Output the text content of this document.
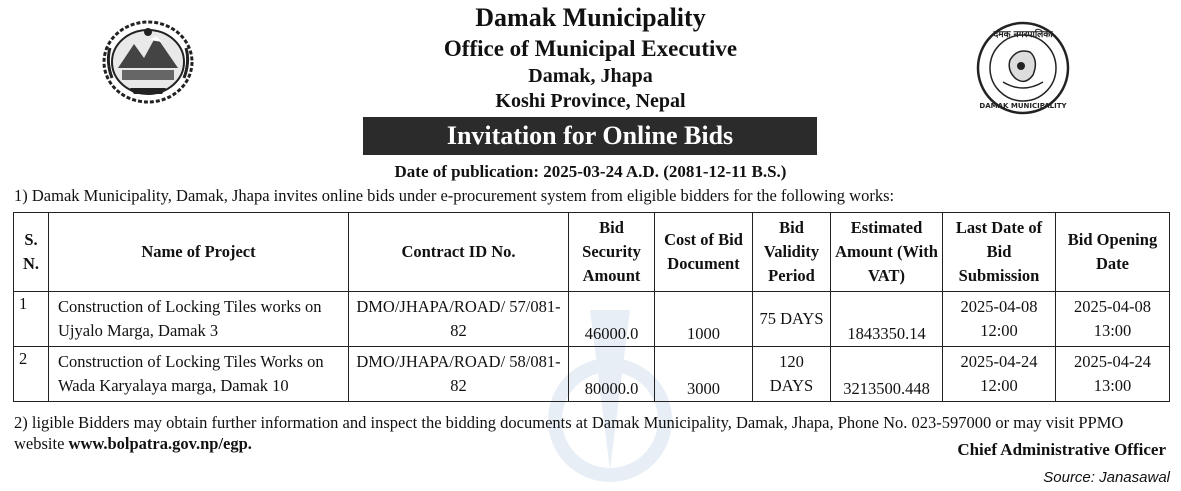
दमक नगरपालिका
DAMAK MUNICIPALITY
Damak Municipality
Office of Municipal Executive
Damak, Jhapa
Koshi Province, Nepal
Invitation for Online Bids
Date of publication: 2025-03-24 A.D. (2081-12-11 B.S.)
1) Damak Municipality, Damak, Jhapa invites online bids under e-procurement system from eligible bidders for the following works:
S. N.	Name of Project	Contract ID No.	Bid Security Amount	Cost of Bid Document	Bid Validity Period	Estimated Amount (With VAT)	Last Date of Bid Submission	Bid Opening Date
1	Construction of Locking Tiles works on Ujyalo Marga, Damak 3	DMO/JHAPA/ROAD/ 57/081-82	46000.0	1000	75 DAYS	1843350.14	2025-04-08 12:00	2025-04-08 13:00
2	Construction of Locking Tiles Works on Wada Karyalaya marga, Damak 10	DMO/JHAPA/ROAD/ 58/081-82	80000.0	3000	120 DAYS	3213500.448	2025-04-24 12:00	2025-04-24 13:00
2) ligible Bidders may obtain further information and inspect the bidding documents at Damak Municipality, Damak, Jhapa, Phone No. 023-597000 or may visit PPMO website www.bolpatra.gov.np/egp.	Chief Administrative Officer
Source: Janasawal
